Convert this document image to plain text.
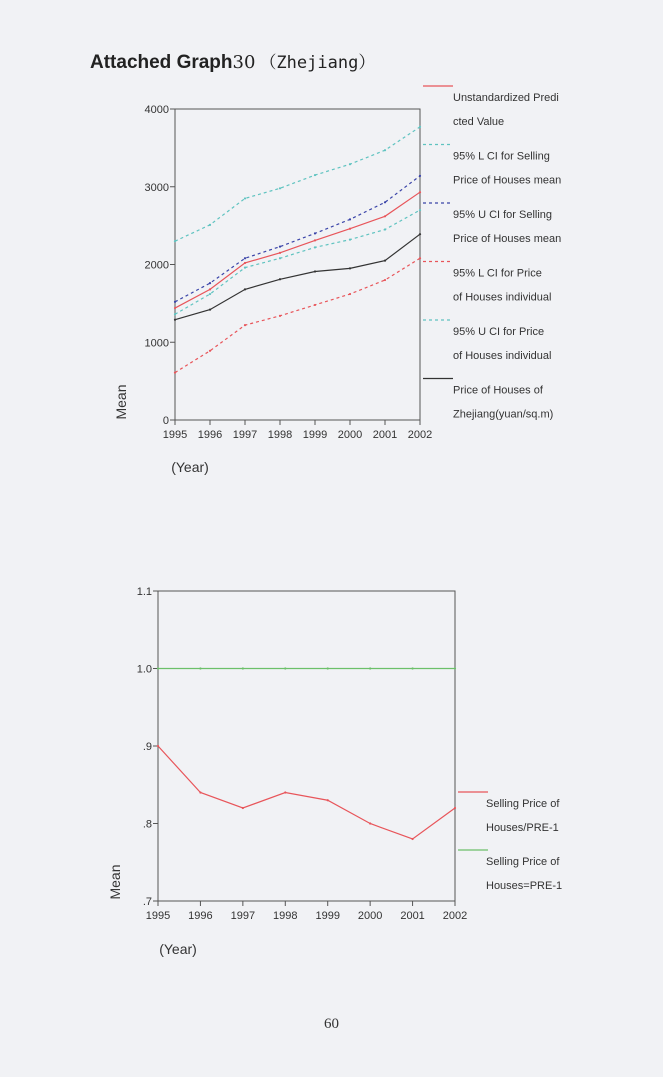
Attached Graph30 （Zhejiang）
0
1000
2000
3000
4000
1995 1996 1997 1998 1999 2000 2001 2002
Mean
(Year)
Unstandardized Predi
cted Value
95% L CI for Selling
Price of Houses mean
95% U CI for Selling
Price of Houses mean
95% L CI for Price
of Houses individual
95% U CI for Price
of Houses individual
Price of Houses of
Zhejiang(yuan/sq.m)
.7
.8
.9
1.0
1.1
1995 1996 1997 1998 1999 2000 2001 2002
Mean
(Year)
Selling Price of
Houses/PRE-1
Selling Price of
Houses=PRE-1
60
